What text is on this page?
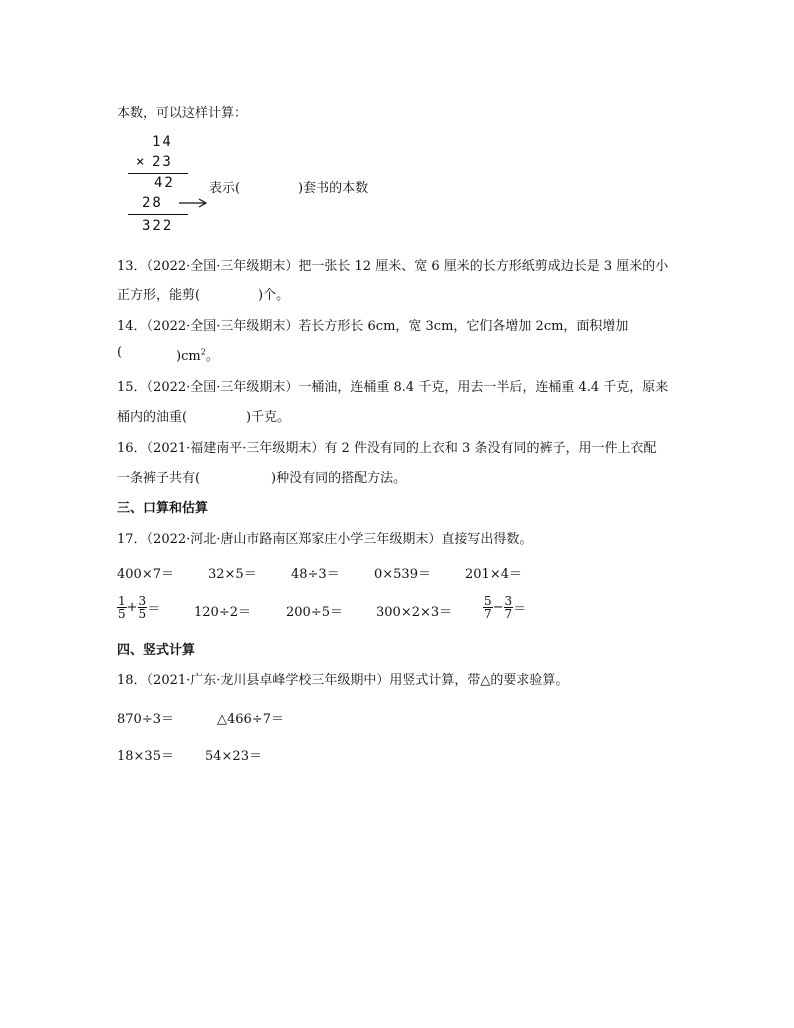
本数，可以这样计算：
14
× 23
42
28
322
表示(	)套书的本数
13．（2022·全国·三年级期末）把一张长 12 厘米、宽 6 厘米的长方形纸剪成边长是 3 厘米的小
正方形，能剪(	)个。
14．（2022·全国·三年级期末）若长方形长 6cm，宽 3cm，它们各增加 2cm，面积增加
(	)$cm^2$。
15．（2022·全国·三年级期末）一桶油，连桶重 8.4 千克，用去一半后，连桶重 4.4 千克，原来
桶内的油重(	)千克。
16．（2021·福建南平·三年级期末）有 2 件没有同的上衣和 3 条没有同的裤子，用一件上衣配
一条裤子共有(	)种没有同的搭配方法。
三、口算和估算
17．（2022·河北·唐山市路南区郑家庄小学三年级期末）直接写出得数。
400×7＝	32×5＝	48÷3＝	0×539＝	201×4＝
$\frac{1}{5} + \frac{3}{5}$ ＝	120÷2＝	200÷5＝	300×2×3＝	$\frac{5}{7} - \frac{3}{7}$ ＝
四、竖式计算
18．（2021·广东·龙川县卓峰学校三年级期中）用竖式计算，带△的要求验算。
870÷3＝	△466÷7＝
18×35＝ 54×23＝
